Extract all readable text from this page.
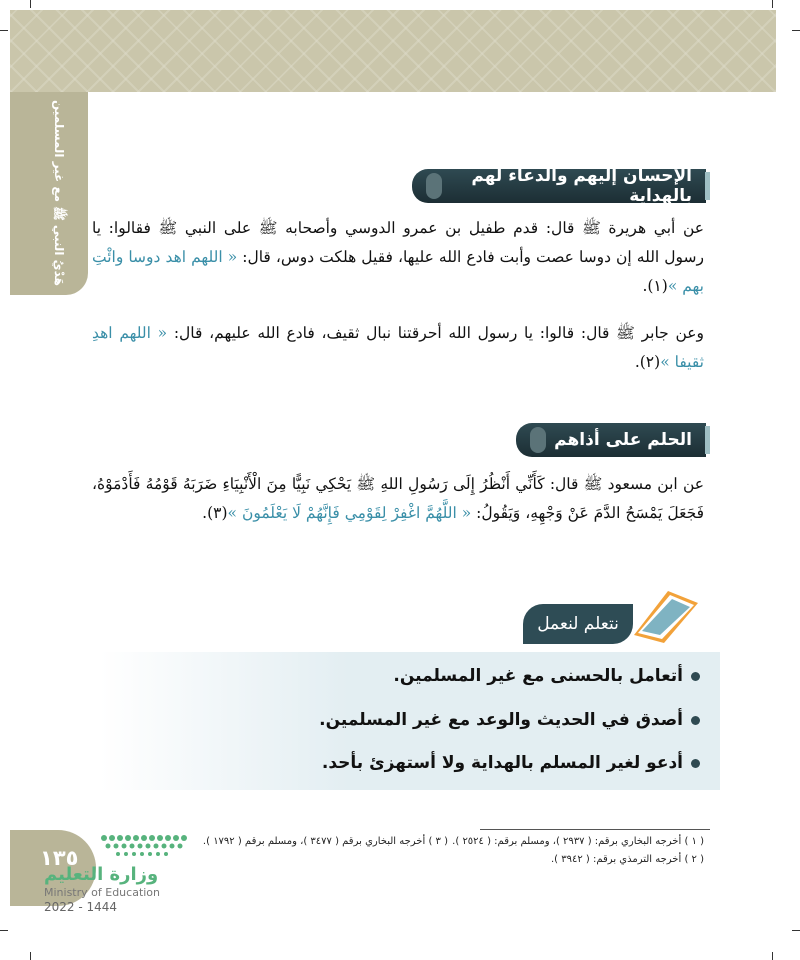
هَدْيُ النبي ﷺ مع غير المسلمين	الإحسان إليهم والدعاء لهم بالهداية
عن أبي هريرة ﷺ قال: قدم طفيل بن عمرو الدوسي وأصحابه ﷺ على النبي ﷺ فقالوا: يا رسول الله إن دوسا عصت وأبت فادع الله عليها، فقيل هلكت دوس، قال: « اللهم اهد دوسا وائْتِ بهم »(١).
وعن جابر ﷺ قال: قالوا: يا رسول الله أحرقتنا نبال ثقيف، فادع الله عليهم، قال: « اللهم اهدِ ثقيفا »(٢).
الحلم على أذاهم
عن ابن مسعود ﷺ قال: كَأَنِّي أَنْظُرُ إِلَى رَسُولِ اللهِ ﷺ يَحْكِي نَبِيًّا مِنَ الْأَنْبِيَاءِ ضَرَبَهُ قَوْمُهُ فَأَدْمَوْهُ، فَجَعَلَ يَمْسَحُ الدَّمَ عَنْ وَجْهِهِ، وَيَقُولُ: « اللَّهُمَّ اغْفِرْ لِقَوْمِي فَإِنَّهُمْ لَا يَعْلَمُونَ »(٣).
نتعلم لنعمل
أتعامل بالحسنى مع غير المسلمين.
أصدق في الحديث والوعد مع غير المسلمين.
أدعو لغير المسلم بالهداية ولا أستهزئ بأحد.
( ١ ) أخرجه البخاري برقم: ( ٢٩٣٧ )، ومسلم برقم: ( ٢٥٢٤ ).
( ٢ ) أخرجه الترمذي برقم: ( ٣٩٤٢ ).
( ٣ ) أخرجه البخاري برقم ( ٣٤٧٧ )، ومسلم برقم ( ١٧٩٢ ).
١٣٥
وزارة التعليم
Ministry of Education
2022 - 1444
